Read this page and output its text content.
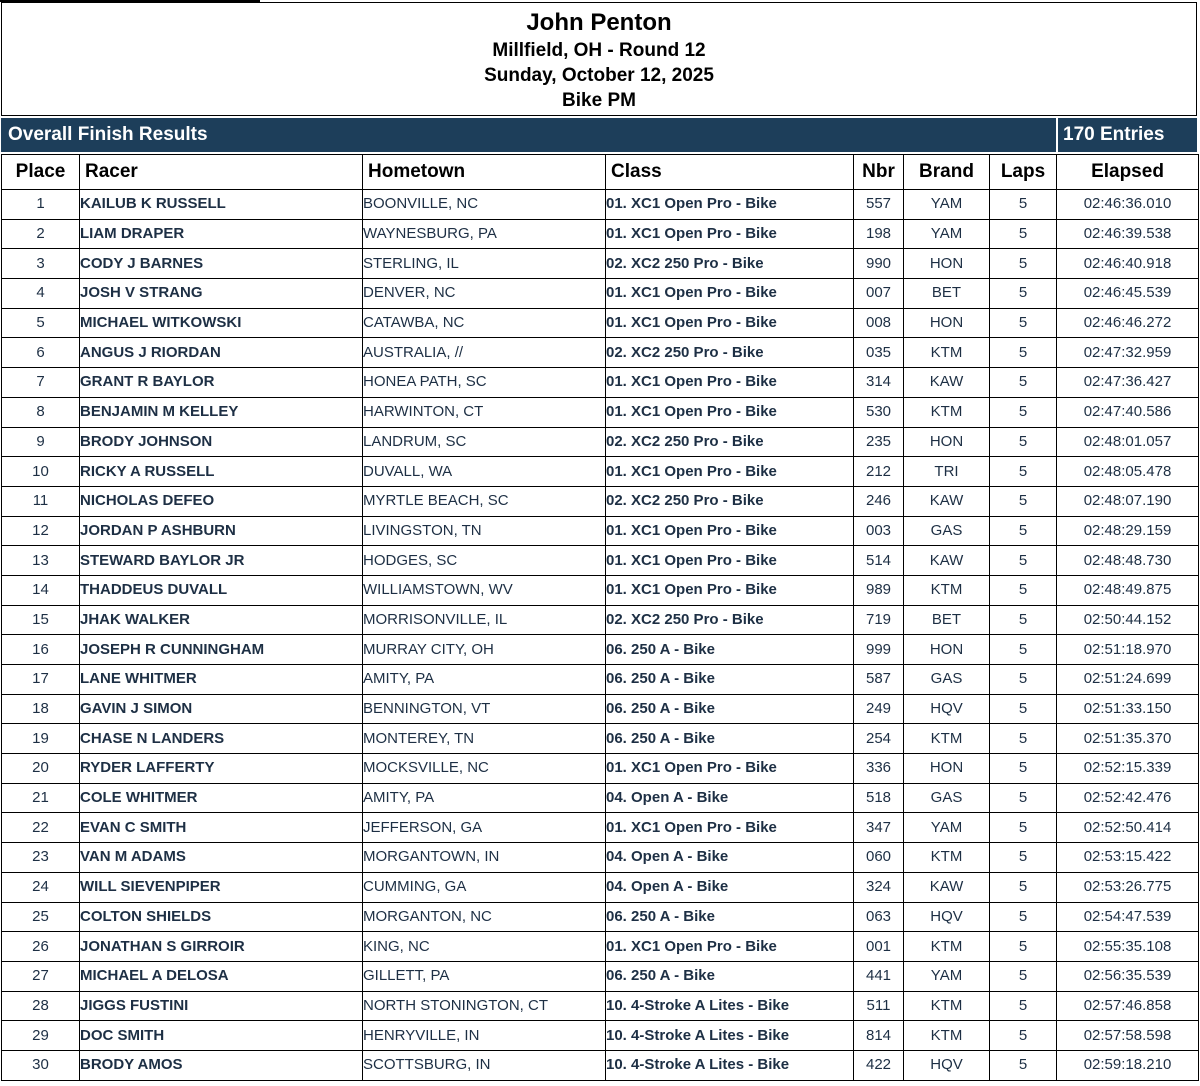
John Penton
Millfield, OH - Round 12
Sunday, October 12, 2025
Bike PM
Overall Finish Results	170 Entries
Place	Racer	Hometown	Class	Nbr	Brand	Laps	Elapsed
1	KAILUB K RUSSELL	BOONVILLE, NC	01. XC1 Open Pro - Bike	557	YAM	5	02:46:36.010
2	LIAM DRAPER	WAYNESBURG, PA	01. XC1 Open Pro - Bike	198	YAM	5	02:46:39.538
3	CODY J BARNES	STERLING, IL	02. XC2 250 Pro - Bike	990	HON	5	02:46:40.918
4	JOSH V STRANG	DENVER, NC	01. XC1 Open Pro - Bike	007	BET	5	02:46:45.539
5	MICHAEL WITKOWSKI	CATAWBA, NC	01. XC1 Open Pro - Bike	008	HON	5	02:46:46.272
6	ANGUS J RIORDAN	AUSTRALIA, //	02. XC2 250 Pro - Bike	035	KTM	5	02:47:32.959
7	GRANT R BAYLOR	HONEA PATH, SC	01. XC1 Open Pro - Bike	314	KAW	5	02:47:36.427
8	BENJAMIN M KELLEY	HARWINTON, CT	01. XC1 Open Pro - Bike	530	KTM	5	02:47:40.586
9	BRODY JOHNSON	LANDRUM, SC	02. XC2 250 Pro - Bike	235	HON	5	02:48:01.057
10	RICKY A RUSSELL	DUVALL, WA	01. XC1 Open Pro - Bike	212	TRI	5	02:48:05.478
11	NICHOLAS DEFEO	MYRTLE BEACH, SC	02. XC2 250 Pro - Bike	246	KAW	5	02:48:07.190
12	JORDAN P ASHBURN	LIVINGSTON, TN	01. XC1 Open Pro - Bike	003	GAS	5	02:48:29.159
13	STEWARD BAYLOR JR	HODGES, SC	01. XC1 Open Pro - Bike	514	KAW	5	02:48:48.730
14	THADDEUS DUVALL	WILLIAMSTOWN, WV	01. XC1 Open Pro - Bike	989	KTM	5	02:48:49.875
15	JHAK WALKER	MORRISONVILLE, IL	02. XC2 250 Pro - Bike	719	BET	5	02:50:44.152
16	JOSEPH R CUNNINGHAM	MURRAY CITY, OH	06. 250 A - Bike	999	HON	5	02:51:18.970
17	LANE WHITMER	AMITY, PA	06. 250 A - Bike	587	GAS	5	02:51:24.699
18	GAVIN J SIMON	BENNINGTON, VT	06. 250 A - Bike	249	HQV	5	02:51:33.150
19	CHASE N LANDERS	MONTEREY, TN	06. 250 A - Bike	254	KTM	5	02:51:35.370
20	RYDER LAFFERTY	MOCKSVILLE, NC	01. XC1 Open Pro - Bike	336	HON	5	02:52:15.339
21	COLE WHITMER	AMITY, PA	04. Open A - Bike	518	GAS	5	02:52:42.476
22	EVAN C SMITH	JEFFERSON, GA	01. XC1 Open Pro - Bike	347	YAM	5	02:52:50.414
23	VAN M ADAMS	MORGANTOWN, IN	04. Open A - Bike	060	KTM	5	02:53:15.422
24	WILL SIEVENPIPER	CUMMING, GA	04. Open A - Bike	324	KAW	5	02:53:26.775
25	COLTON SHIELDS	MORGANTON, NC	06. 250 A - Bike	063	HQV	5	02:54:47.539
26	JONATHAN S GIRROIR	KING, NC	01. XC1 Open Pro - Bike	001	KTM	5	02:55:35.108
27	MICHAEL A DELOSA	GILLETT, PA	06. 250 A - Bike	441	YAM	5	02:56:35.539
28	JIGGS FUSTINI	NORTH STONINGTON, CT	10. 4-Stroke A Lites - Bike	511	KTM	5	02:57:46.858
29	DOC SMITH	HENRYVILLE, IN	10. 4-Stroke A Lites - Bike	814	KTM	5	02:57:58.598
30	BRODY AMOS	SCOTTSBURG, IN	10. 4-Stroke A Lites - Bike	422	HQV	5	02:59:18.210
